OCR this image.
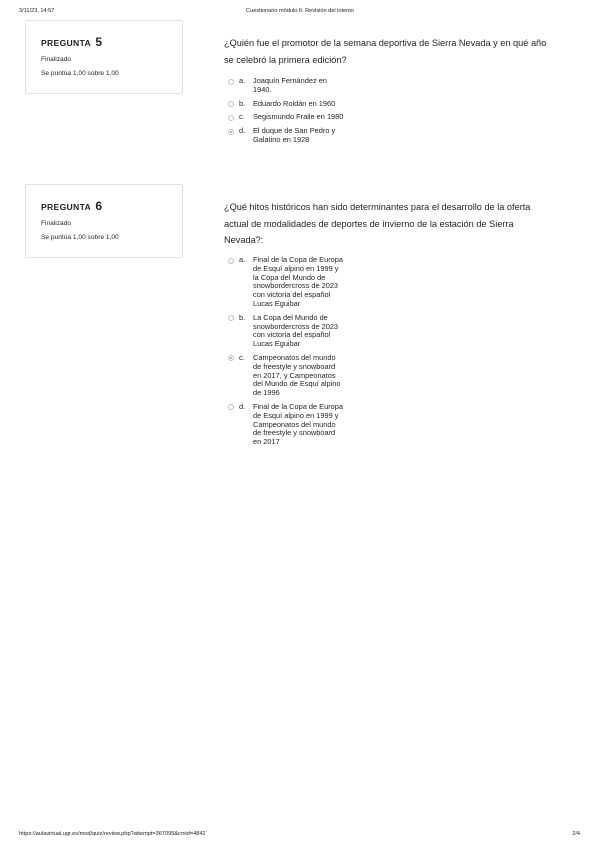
3/11/23, 14:57	Cuestionario módulo 6: Revisión del intento
PREGUNTA 5
Finalizado
Se puntúa 1,00 sobre 1,00
¿Quién fue el promotor de la semana deportiva de Sierra Nevada y en qué año se celebró la primera edición?
a.	Joaquín Fernández en 1940.
b.	Eduardo Roldán en 1960
c.	Segismundo Fraile en 1980
d.	El duque de San Pedro y Galatino en 1928
PREGUNTA 6
Finalizado
Se puntúa 1,00 sobre 1,00
¿Qué hitos históricos han sido determinantes para el desarrollo de la oferta actual de modalidades de deportes de invierno de la estación de Sierra Nevada?:
a.	Final de la Copa de Europa de Esquí alpino en 1999 y la Copa del Mundo de snowbordercross de 2023 con victoria del español Lucas Eguibar
b.	La Copa del Mundo de snowbordercross de 2023 con victoria del español Lucas Eguibar
c.	Campeonatos del mundo de freestyle y snowboard en 2017, y Campeonatos del Mundo de Esquí alpino de 1996
d.	Final de la Copa de Europa de Esquí alpino en 1999 y Campeonatos del mundo de freestyle y snowboard en 2017
https://aulavirtual.ugr.es/mod/quiz/review.php?attempt=367095&cmid=4842	2/4
